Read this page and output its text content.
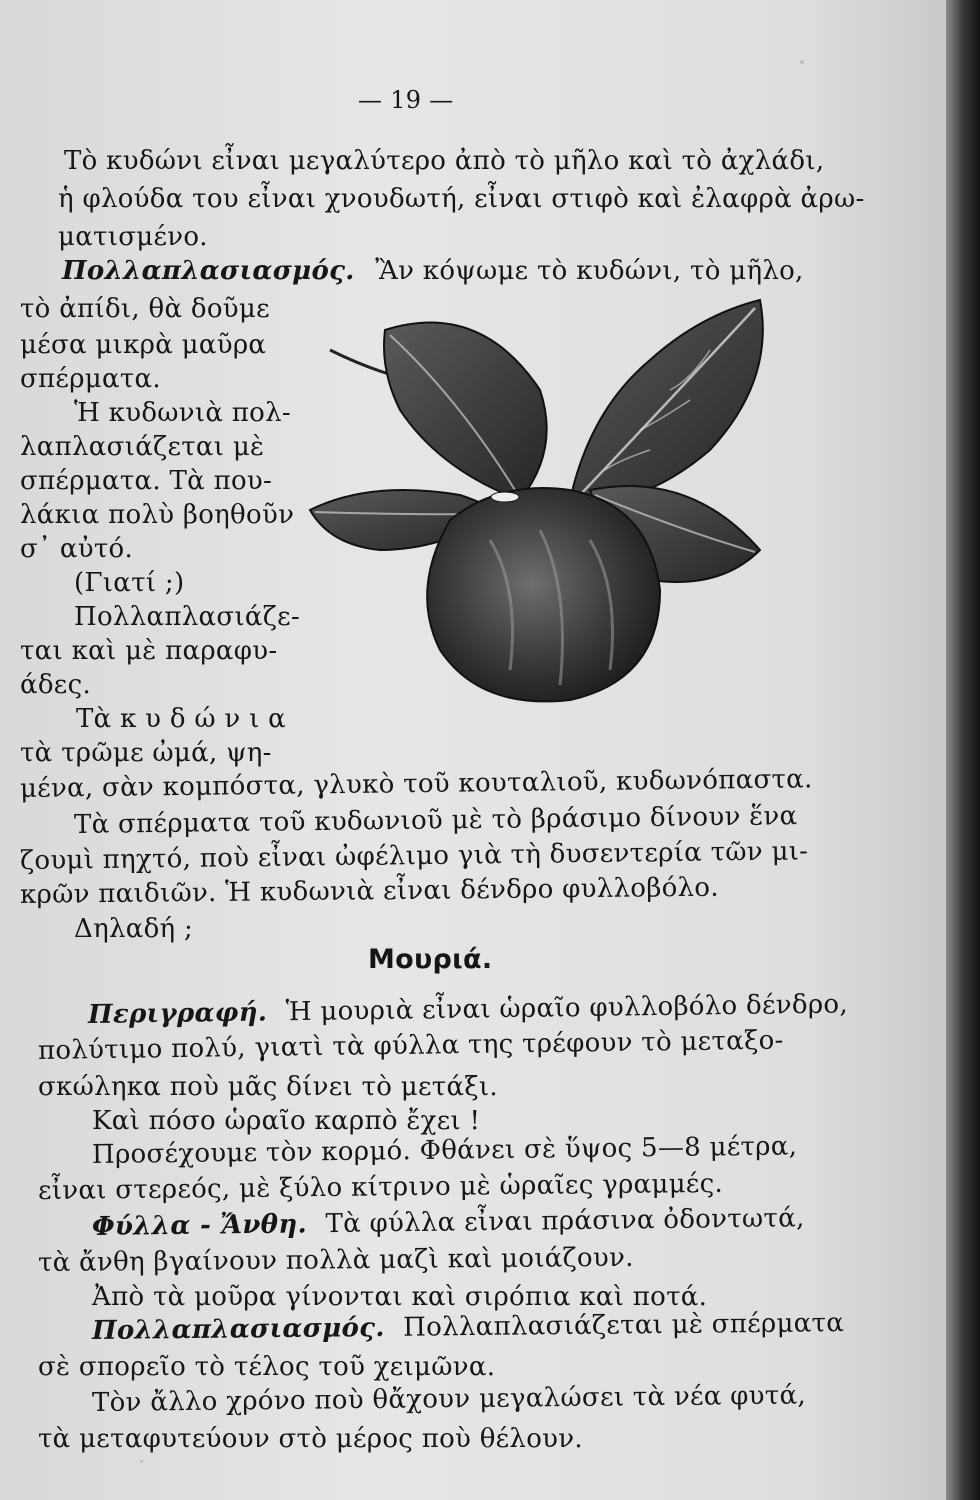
— 19 —
Τὸ κυδώνι εἶναι μεγαλύτερο ἀπὸ τὸ μῆλο καὶ τὸ ἀχλάδι,
ἡ φλούδα του εἶναι χνουδωτή, εἶναι στιφὸ καὶ ἐλαφρὰ ἀρω-
ματισμένο.
Πολλαπλασιασμός. Ἂν κόψωμε τὸ κυδώνι, τὸ μῆλο,
τὸ ἀπίδι, θὰ δοῦμε
μέσα μικρὰ μαῦρα
σπέρματα.
Ἡ κυδωνιὰ πολ-
λαπλασιάζεται μὲ
σπέρματα. Τὰ που-
λάκια πολὺ βοηθοῦν
σ᾽ αὐτό.
(Γιατί ;)
Πολλαπλασιάζε-
ται καὶ μὲ παραφυ-
άδες.
Τὰ κ υ δ ώ ν ι α
τὰ τρῶμε ὠμά, ψη-
μένα, σὰν κομπόστα, γλυκὸ τοῦ κουταλιοῦ, κυδωνόπαστα.
Τὰ σπέρματα τοῦ κυδωνιοῦ μὲ τὸ βράσιμο δίνουν ἕνα
ζουμὶ πηχτό, ποὺ εἶναι ὠφέλιμο γιὰ τὴ δυσεντερία τῶν μι-
κρῶν παιδιῶν. Ἡ κυδωνιὰ εἶναι δένδρο φυλλοβόλο.
Δηλαδή ;
Μουριά.
Περιγραφή. Ἡ μουριὰ εἶναι ὡραῖο φυλλοβόλο δένδρο,
πολύτιμο πολύ, γιατὶ τὰ φύλλα της τρέφουν τὸ μεταξο-
σκώληκα ποὺ μᾶς δίνει τὸ μετάξι.
Καὶ πόσο ὡραῖο καρπὸ ἔχει !
Προσέχουμε τὸν κορμό. Φθάνει σὲ ὕψος 5—8 μέτρα,
εἶναι στερεός, μὲ ξύλο κίτρινο μὲ ὡραῖες γραμμές.
Φύλλα - Ἄνθη. Τὰ φύλλα εἶναι πράσινα ὀδοντωτά,
τὰ ἄνθη βγαίνουν πολλὰ μαζὶ καὶ μοιάζουν.
Ἀπὸ τὰ μοῦρα γίνονται καὶ σιρόπια καὶ ποτά.
Πολλαπλασιασμός. Πολλαπλασιάζεται μὲ σπέρματα
σὲ σπορεῖο τὸ τέλος τοῦ χειμῶνα.
Τὸν ἄλλο χρόνο ποὺ θἄχουν μεγαλώσει τὰ νέα φυτά,
τὰ μεταφυτεύουν στὸ μέρος ποὺ θέλουν.
